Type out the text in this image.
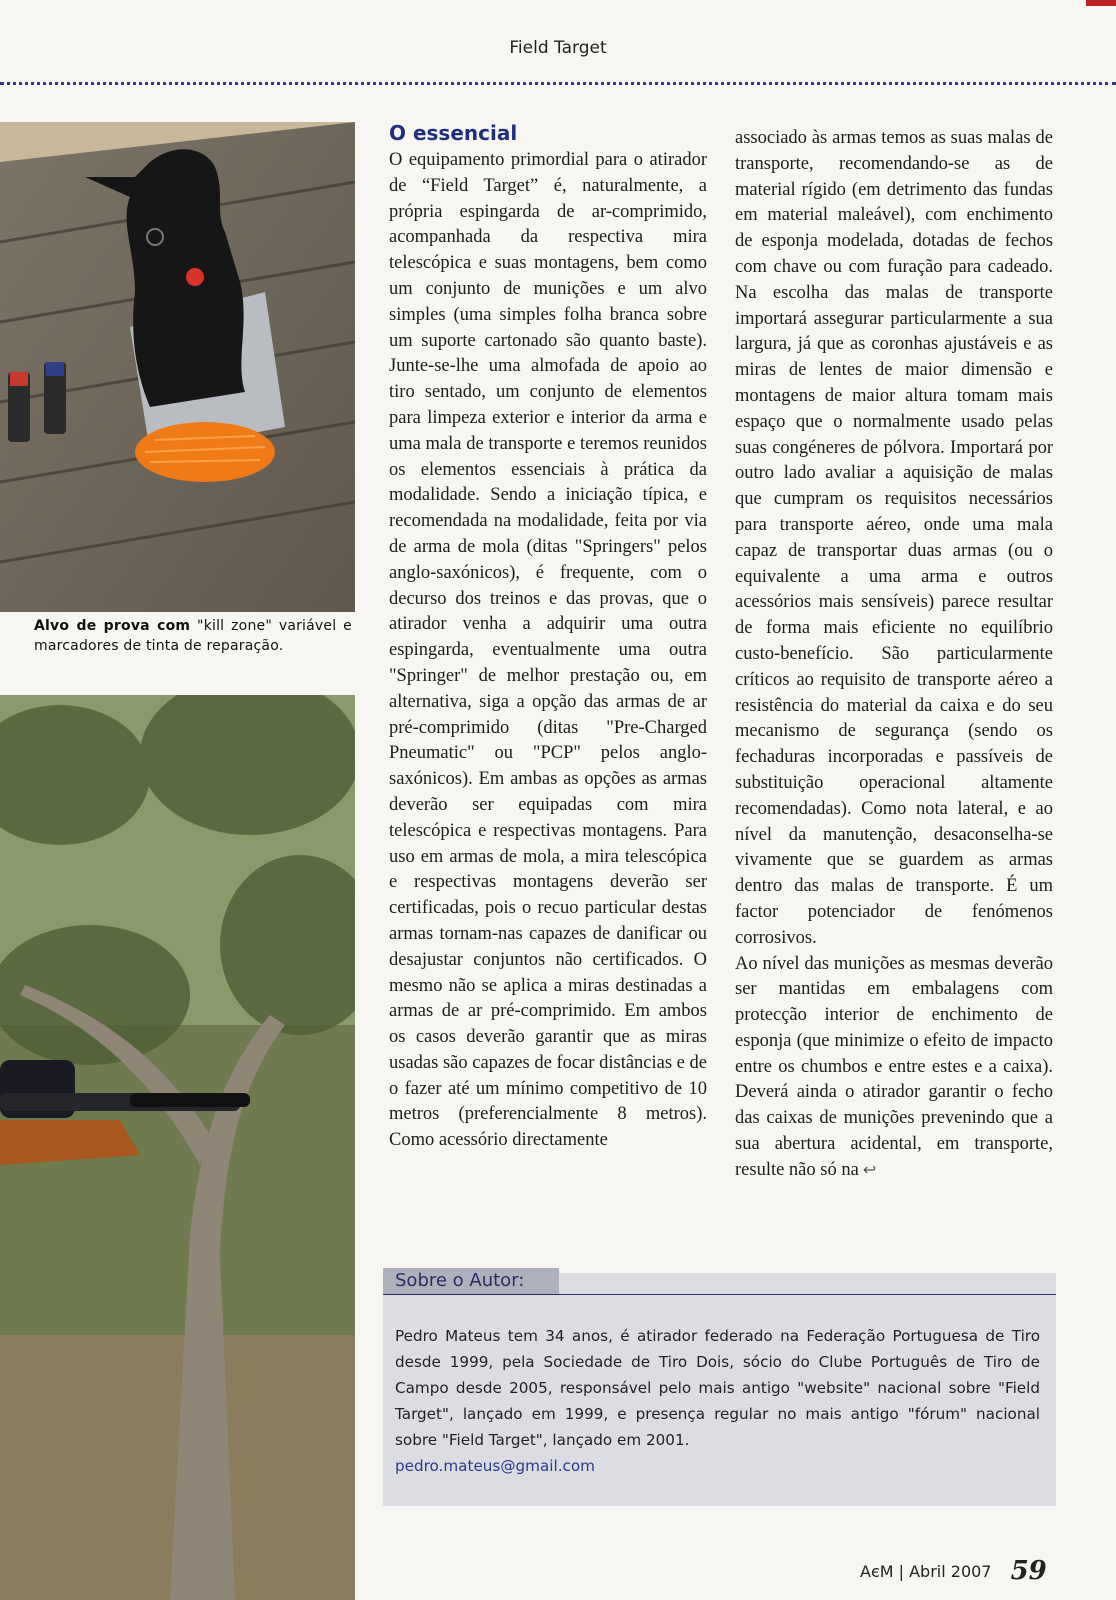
Field Target
Alvo de prova com "kill zone" variável e marcadores de tinta de reparação.
O essencial

O equipamento primordial para o atirador de “Field Target” é, naturalmente, a própria espingarda de ar-comprimido, acompanhada da respectiva mira telescópica e suas montagens, bem como um conjunto de munições e um alvo simples (uma simples folha branca sobre um suporte cartonado são quanto baste). Junte-se-lhe uma almofada de apoio ao tiro sentado, um conjunto de elementos para limpeza exterior e interior da arma e uma mala de transporte e teremos reunidos os elementos essenciais à prática da modalidade. Sendo a iniciação típica, e recomendada na modalidade, feita por via de arma de mola (ditas "Springers" pelos anglo-saxónicos), é frequente, com o decurso dos treinos e das provas, que o atirador venha a adquirir uma outra espingarda, eventualmente uma outra "Springer" de melhor prestação ou, em alternativa, siga a opção das armas de ar pré-comprimido (ditas "Pre-Charged Pneumatic" ou "PCP" pelos anglo-saxónicos). Em ambas as opções as armas deverão ser equipadas com mira telescópica e respectivas montagens. Para uso em armas de mola, a mira telescópica e respectivas montagens deverão ser certificadas, pois o recuo particular destas armas tornam-nas capazes de danificar ou desajustar conjuntos não certificados. O mesmo não se aplica a miras destinadas a armas de ar pré-comprimido. Em ambos os casos deverão garantir que as miras usadas são capazes de focar distâncias e de o fazer até um mínimo competitivo de 10 metros (preferencialmente 8 metros). Como acessório directamente

associado às armas temos as suas malas de transporte, recomendando-se as de material rígido (em detrimento das fundas em material maleável), com enchimento de esponja modelada, dotadas de fechos com chave ou com furação para cadeado. Na escolha das malas de transporte importará assegurar particularmente a sua largura, já que as coronhas ajustáveis e as miras de lentes de maior dimensão e montagens de maior altura tomam mais espaço que o normalmente usado pelas suas congéneres de pólvora. Importará por outro lado avaliar a aquisição de malas que cumpram os requisitos necessários para transporte aéreo, onde uma mala capaz de transportar duas armas (ou o equivalente a uma arma e outros acessórios mais sensíveis) parece resultar de forma mais eficiente no equilíbrio custo-benefício. São particularmente críticos ao requisito de transporte aéreo a resistência do material da caixa e do seu mecanismo de segurança (sendo os fechaduras incorporadas e passíveis de substituição operacional altamente recomendadas). Como nota lateral, e ao nível da manutenção, desaconselha-se vivamente que se guardem as armas dentro das malas de transporte. É um factor potenciador de fenómenos corrosivos.

Ao nível das munições as mesmas deverão ser mantidas em embalagens com protecção interior de enchimento de esponja (que minimize o efeito de impacto entre os chumbos e entre estes e a caixa). Deverá ainda o atirador garantir o fecho das caixas de munições prevenindo que a sua abertura acidental, em transporte, resulte não só na ↩

Sobre o Autor:
Pedro Mateus tem 34 anos, é atirador federado na Federação Portuguesa de Tiro desde 1999, pela Sociedade de Tiro Dois, sócio do Clube Português de Tiro de Campo desde 2005, responsável pelo mais antigo "website" nacional sobre "Field Target", lançado em 1999, e presença regular no mais antigo "fórum" nacional sobre "Field Target", lançado em 2001.
pedro.mateus@gmail.com
AєM | Abril 2007 59
